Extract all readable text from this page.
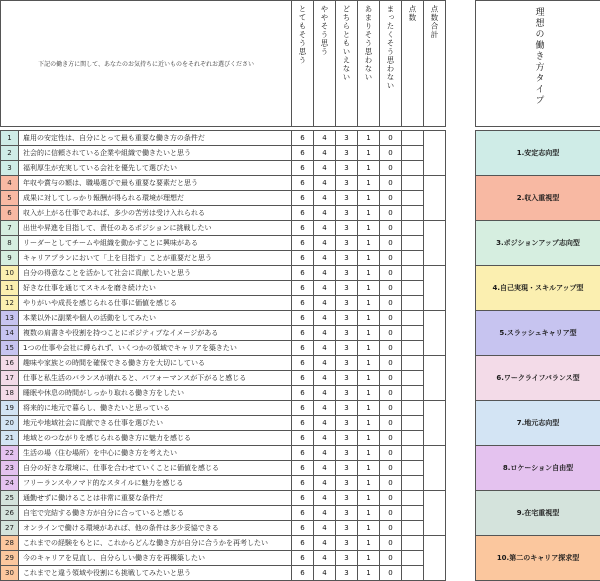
下記の働き方に関して、あなたのお気持ちに近いものをそれぞれお選びください		とてもそう思う	ややそう思う	どちらともいえない	あまりそう思わない	まったくそう思わない	点数	点数合計		理想の働き方タイプ

1	雇用の安定性は、自分にとって最も重要な働き方の条件だ	6	4	3	1	0				1.安定志向型
2	社会的に信頼されている企業や組織で働きたいと思う	6	4	3	1	0				
3	福利厚生が充実している会社を優先して選びたい	6	4	3	1	0				
4	年収や賞与の額は、職場選びで最も重要な要素だと思う	6	4	3	1	0				2.収入重視型
5	成果に対してしっかり報酬が得られる環境が理想だ	6	4	3	1	0				
6	収入が上がる仕事であれば、多少の苦労は受け入れられる	6	4	3	1	0				
7	出世や昇進を目指して、責任のあるポジションに挑戦したい	6	4	3	1	0				3.ポジションアップ志向型
8	リーダーとしてチームや組織を動かすことに興味がある	6	4	3	1	0				
9	キャリアプランにおいて「上を目指す」ことが重要だと思う	6	4	3	1	0				
10	自分の得意なことを活かして社会に貢献したいと思う	6	4	3	1	0				4.自己実現・スキルアップ型
11	好きな仕事を通じてスキルを磨き続けたい	6	4	3	1	0				
12	やりがいや成長を感じられる仕事に価値を感じる	6	4	3	1	0				
13	本業以外に副業や個人の活動をしてみたい	6	4	3	1	0				5.スラッシュキャリア型
14	複数の肩書きや役割を持つことにポジティブなイメージがある	6	4	3	1	0				
15	1つの仕事や会社に縛られず、いくつかの領域でキャリアを築きたい	6	4	3	1	0				
16	趣味や家族との時間を確保できる働き方を大切にしている	6	4	3	1	0				6.ワークライフバランス型
17	仕事と私生活のバランスが崩れると、パフォーマンスが下がると感じる	6	4	3	1	0				
18	睡眠や休息の時間がしっかり取れる働き方をしたい	6	4	3	1	0				
19	将来的に地元で暮らし、働きたいと思っている	6	4	3	1	0				7.地元志向型
20	地元や地域社会に貢献できる仕事を選びたい	6	4	3	1	0				
21	地域とのつながりを感じられる働き方に魅力を感じる	6	4	3	1	0				
22	生活の場（住む場所）を中心に働き方を考えたい	6	4	3	1	0				8.ロケーション自由型
23	自分の好きな環境に、仕事を合わせていくことに価値を感じる	6	4	3	1	0				
24	フリーランスやノマド的なスタイルに魅力を感じる	6	4	3	1	0				
25	通勤せずに働けることは非常に重要な条件だ	6	4	3	1	0				9.在宅重視型
26	自宅で完結する働き方が自分に合っていると感じる	6	4	3	1	0				
27	オンラインで働ける環境があれば、他の条件は多少妥協できる	6	4	3	1	0				
28	これまでの経験をもとに、これからどんな働き方が自分に合うかを再考したい	6	4	3	1	0				10.第二のキャリア探求型
29	今のキャリアを見直し、自分らしい働き方を再構築したい	6	4	3	1	0				
30	これまでと違う領域や役割にも挑戦してみたいと思う	6	4	3	1	0				
